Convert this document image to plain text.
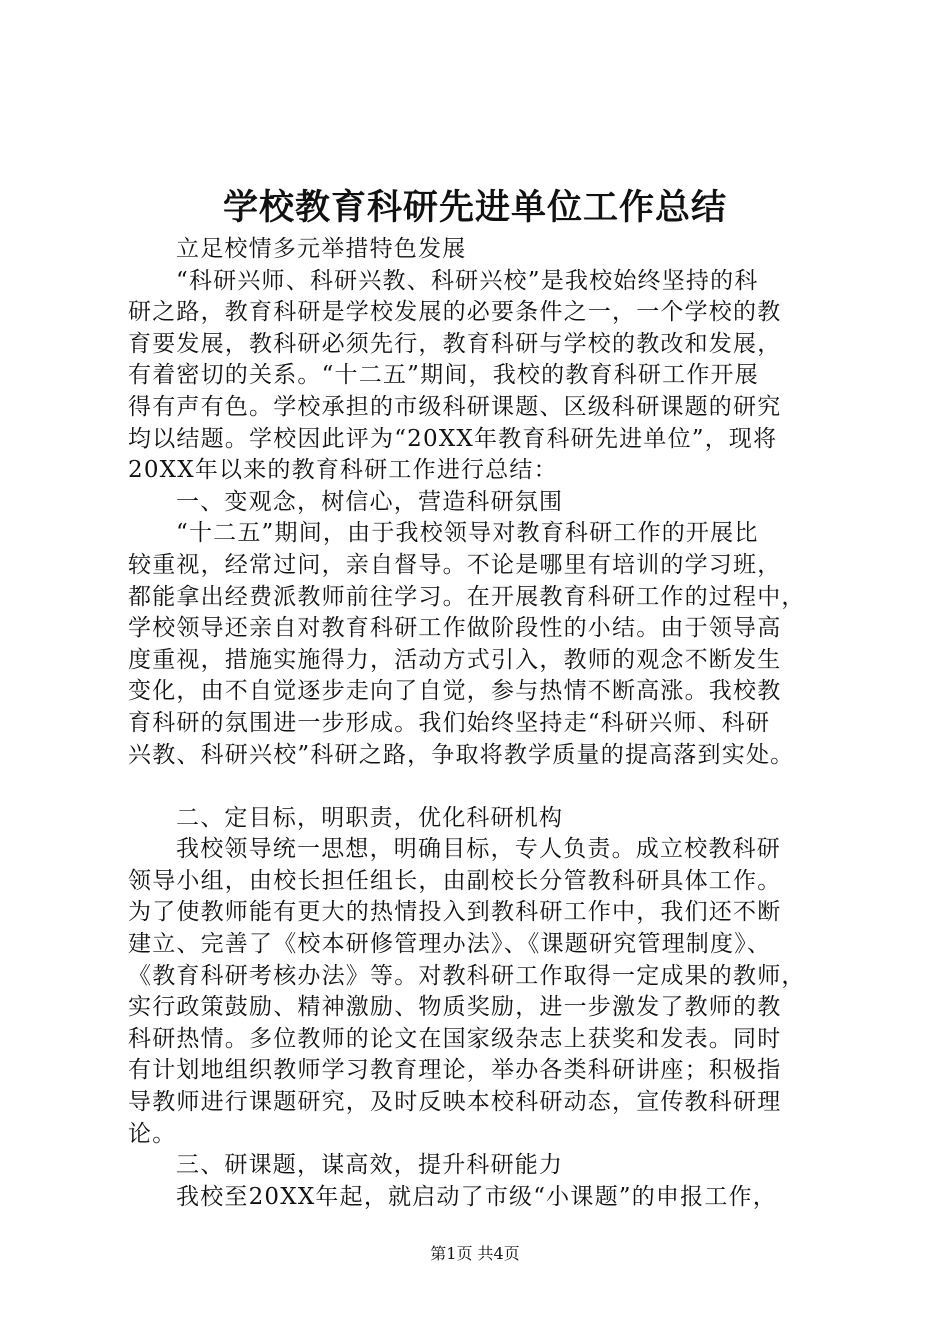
学校教育科研先进单位工作总结
立足校情多元举措特色发展
“科研兴师、科研兴教、科研兴校”是我校始终坚持的科
研之路，教育科研是学校发展的必要条件之一，一个学校的教
育要发展，教科研必须先行，教育科研与学校的教改和发展，
有着密切的关系。“十二五”期间，我校的教育科研工作开展
得有声有色。学校承担的市级科研课题、区级科研课题的研究
均以结题。学校因此评为“20XX年教育科研先进单位”，现将
20XX年以来的教育科研工作进行总结：
一、变观念，树信心，营造科研氛围
“十二五”期间，由于我校领导对教育科研工作的开展比
较重视，经常过问，亲自督导。不论是哪里有培训的学习班，
都能拿出经费派教师前往学习。在开展教育科研工作的过程中，
学校领导还亲自对教育科研工作做阶段性的小结。由于领导高
度重视，措施实施得力，活动方式引入，教师的观念不断发生
变化，由不自觉逐步走向了自觉，参与热情不断高涨。我校教
育科研的氛围进一步形成。我们始终坚持走“科研兴师、科研
兴教、科研兴校”科研之路，争取将教学质量的提高落到实处。
二、定目标，明职责，优化科研机构
我校领导统一思想，明确目标，专人负责。成立校教科研
领导小组，由校长担任组长，由副校长分管教科研具体工作。
为了使教师能有更大的热情投入到教科研工作中，我们还不断
建立、完善了《校本研修管理办法》、《课题研究管理制度》、
《教育科研考核办法》等。对教科研工作取得一定成果的教师，
实行政策鼓励、精神激励、物质奖励，进一步激发了教师的教
科研热情。多位教师的论文在国家级杂志上获奖和发表。同时
有计划地组织教师学习教育理论，举办各类科研讲座；积极指
导教师进行课题研究，及时反映本校科研动态，宣传教科研理
论。
三、研课题，谋高效，提升科研能力
我校至20XX年起，就启动了市级“小课题”的申报工作，
第1页 共4页
